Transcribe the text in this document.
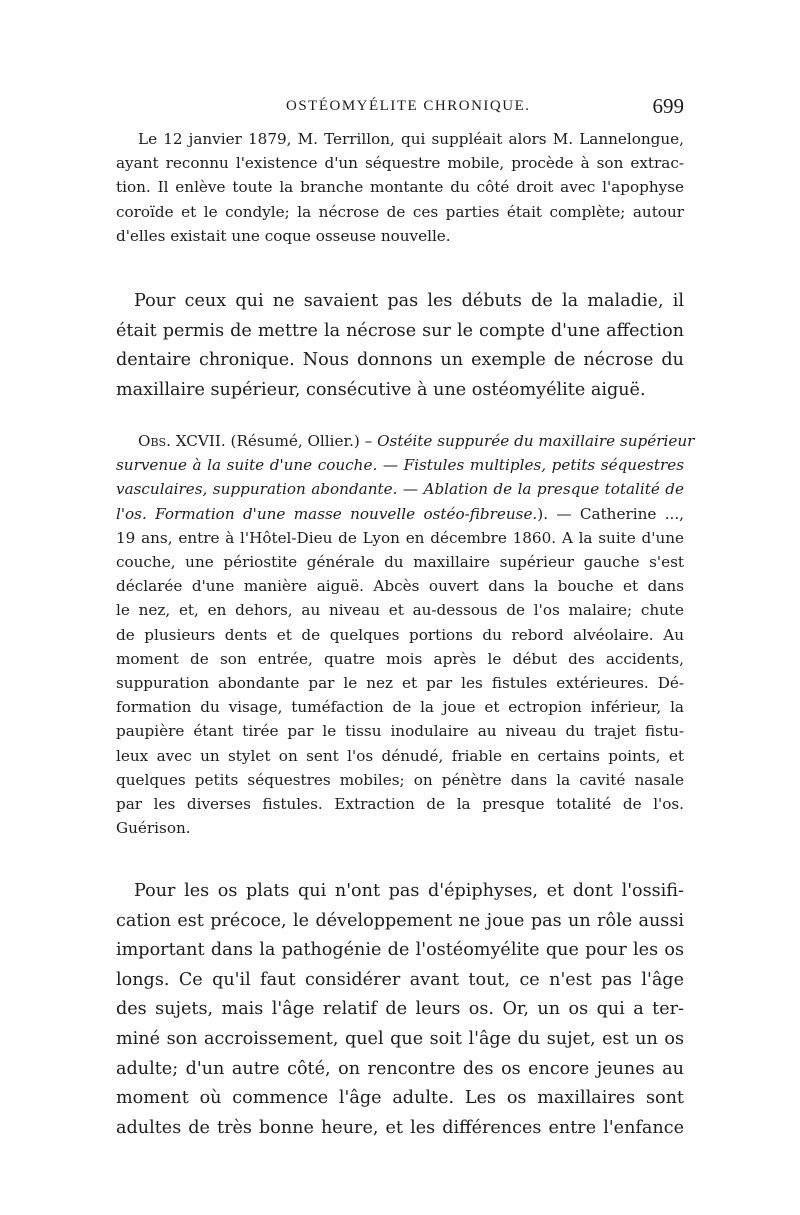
OSTÉOMYÉLITE CHRONIQUE.	699
Le 12 janvier 1879, M. Terrillon, qui suppléait alors M. Lannelongue,
ayant reconnu l'existence d'un séquestre mobile, procède à son extrac-
tion. Il enlève toute la branche montante du côté droit avec l'apophyse
coroïde et le condyle; la nécrose de ces parties était complète; autour
d'elles existait une coque osseuse nouvelle.
Pour ceux qui ne savaient pas les débuts de la maladie, il
était permis de mettre la nécrose sur le compte d'une affection
dentaire chronique. Nous donnons un exemple de nécrose du
maxillaire supérieur, consécutive à une ostéomyélite aiguë.
Obs. XCVII. (Résumé, Ollier.) – Ostéite suppurée du maxillaire supérieur
survenue à la suite d'une couche. — Fistules multiples, petits séquestres
vasculaires, suppuration abondante. — Ablation de la presque totalité de
l'os. Formation d'une masse nouvelle ostéo-fibreuse.). — Catherine ...,
19 ans, entre à l'Hôtel-Dieu de Lyon en décembre 1860. A la suite d'une
couche, une périostite générale du maxillaire supérieur gauche s'est
déclarée d'une manière aiguë. Abcès ouvert dans la bouche et dans
le nez, et, en dehors, au niveau et au-dessous de l'os malaire; chute
de plusieurs dents et de quelques portions du rebord alvéolaire. Au
moment de son entrée, quatre mois après le début des accidents,
suppuration abondante par le nez et par les fistules extérieures. Dé-
formation du visage, tuméfaction de la joue et ectropion inférieur, la
paupière étant tirée par le tissu inodulaire au niveau du trajet fistu-
leux avec un stylet on sent l'os dénudé, friable en certains points, et
quelques petits séquestres mobiles; on pénètre dans la cavité nasale
par les diverses fistules. Extraction de la presque totalité de l'os.
Guérison.
Pour les os plats qui n'ont pas d'épiphyses, et dont l'ossifi-
cation est précoce, le développement ne joue pas un rôle aussi
important dans la pathogénie de l'ostéomyélite que pour les os
longs. Ce qu'il faut considérer avant tout, ce n'est pas l'âge
des sujets, mais l'âge relatif de leurs os. Or, un os qui a ter-
miné son accroissement, quel que soit l'âge du sujet, est un os
adulte; d'un autre côté, on rencontre des os encore jeunes au
moment où commence l'âge adulte. Les os maxillaires sont
adultes de très bonne heure, et les différences entre l'enfance
